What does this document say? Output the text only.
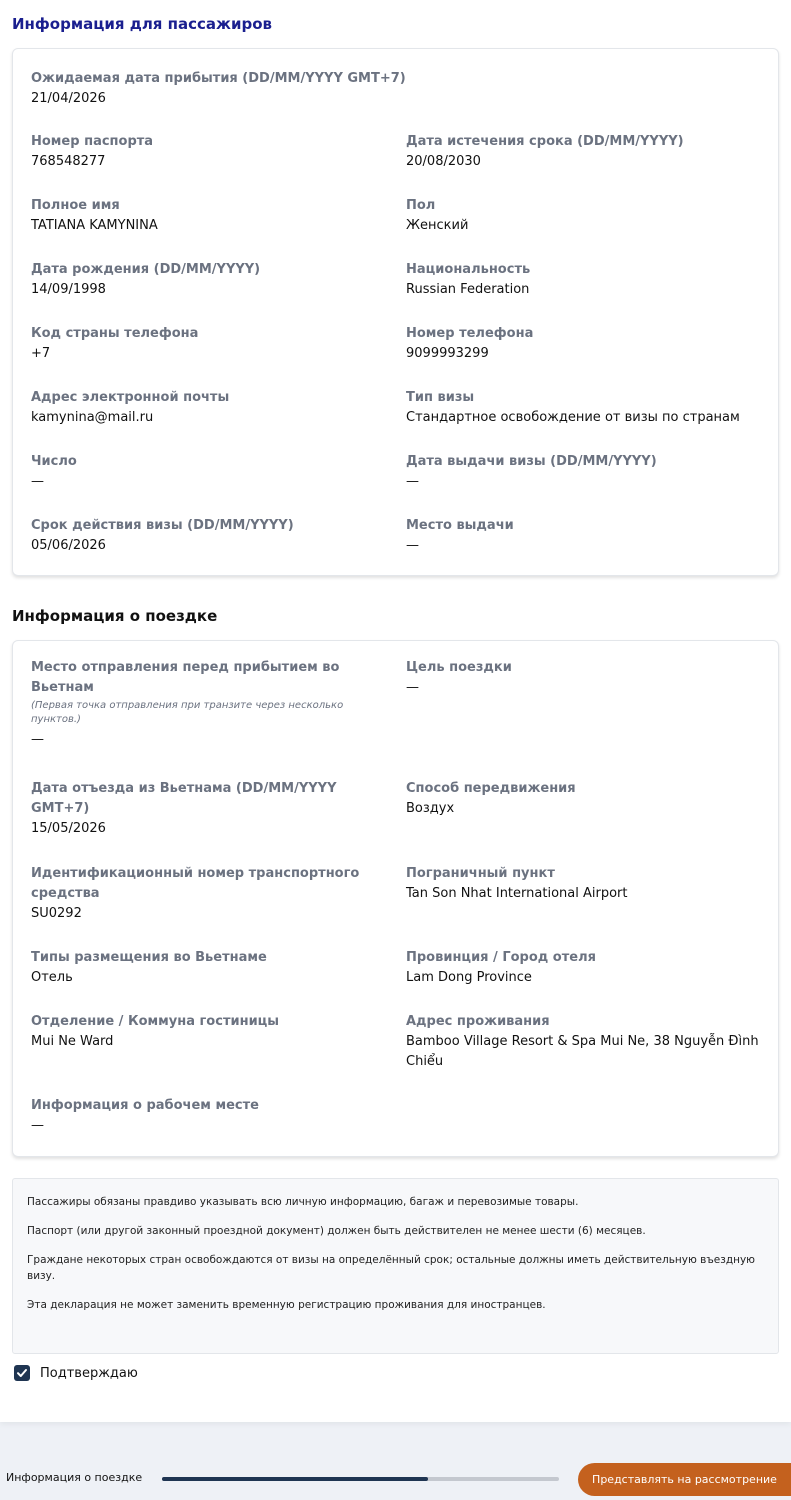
Информация для пассажиров
Ожидаемая дата прибытия (DD/MM/YYYY GMT+7)
21/04/2026
Номер паспорта
768548277
Дата истечения срока (DD/MM/YYYY)
20/08/2030
Полное имя
TATIANA KAMYNINA
Пол
Женский
Дата рождения (DD/MM/YYYY)
14/09/1998
Национальность
Russian Federation
Код страны телефона
+7
Номер телефона
9099993299
Адрес электронной почты
kamynina@mail.ru
Тип визы
Стандартное освобождение от визы по странам
Число
—
Дата выдачи визы (DD/MM/YYYY)
—
Срок действия визы (DD/MM/YYYY)
05/06/2026
Место выдачи
—
Информация о поездке
Место отправления перед прибытием во Вьетнам
(Первая точка отправления при транзите через несколько пунктов.)
—
Цель поездки
—
Дата отъезда из Вьетнама (DD/MM/YYYY GMT+7)
15/05/2026
Способ передвижения
Воздух
Идентификационный номер транспортного средства
SU0292
Пограничный пункт
Tan Son Nhat International Airport
Типы размещения во Вьетнаме
Отель
Провинция / Город отеля
Lam Dong Province
Отделение / Коммуна гостиницы
Mui Ne Ward
Адрес проживания
Bamboo Village Resort & Spa Mui Ne, 38 Nguyễn Đình Chiểu
Информация о рабочем месте
—

Пассажиры обязаны правдиво указывать всю личную информацию, багаж и перевозимые товары.

Паспорт (или другой законный проездной документ) должен быть действителен не менее шести (6) месяцев.

Граждане некоторых стран освобождаются от визы на определённый срок; остальные должны иметь действительную въездную визу.

Эта декларация не может заменить временную регистрацию проживания для иностранцев.

Подтверждаю
Информация о поездке	Представлять на рассмотрение
